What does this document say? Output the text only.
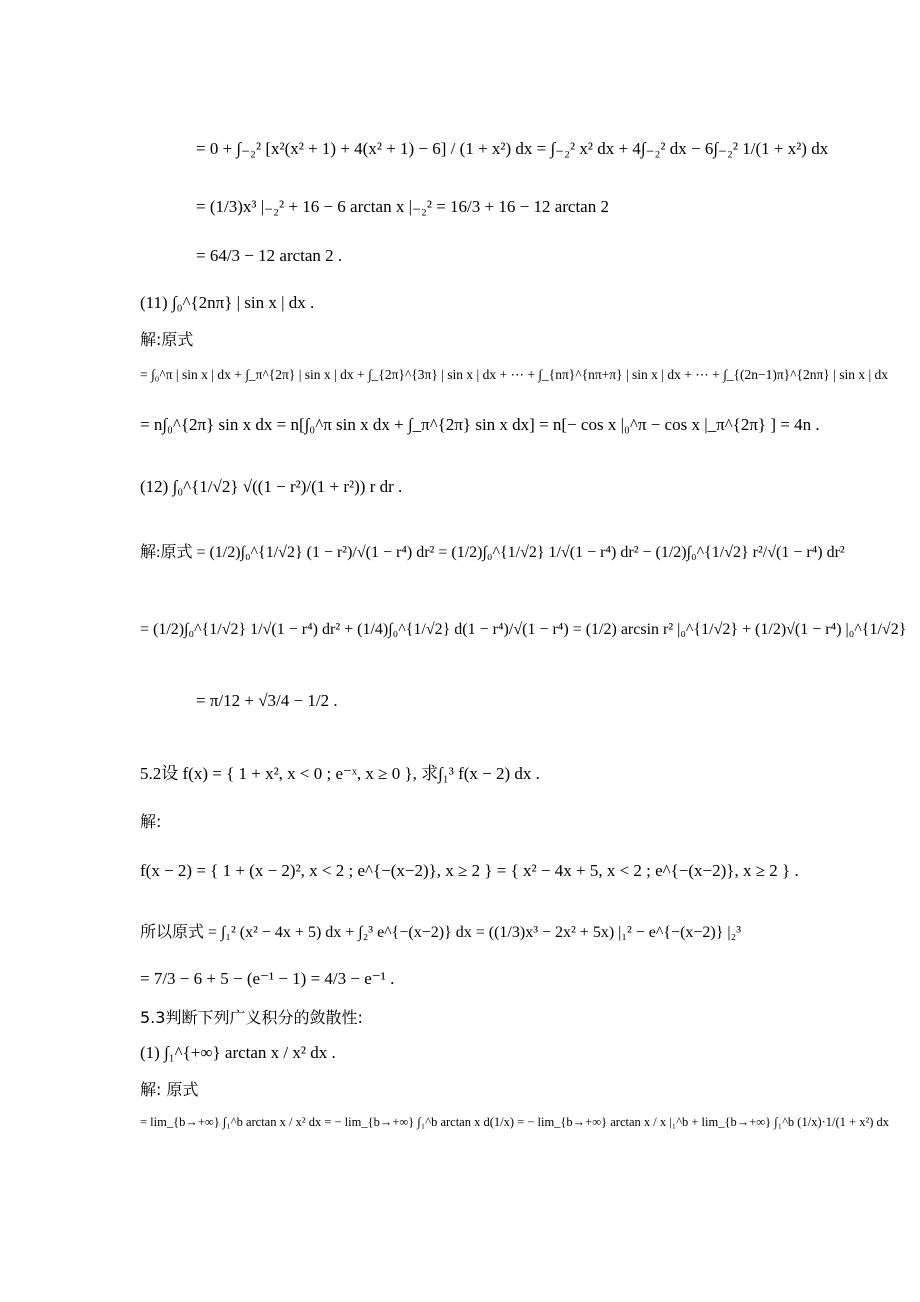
= 0 + ∫₋₂² [x²(x² + 1) + 4(x² + 1) − 6] / (1 + x²) dx = ∫₋₂² x² dx + 4∫₋₂² dx − 6∫₋₂² 1/(1 + x²) dx
= (1/3)x³ |₋₂² + 16 − 6 arctan x |₋₂² = 16/3 + 16 − 12 arctan 2
= 64/3 − 12 arctan 2 .
(11) ∫₀^{2nπ} | sin x | dx .
解:原式
= ∫₀^π | sin x | dx + ∫_π^{2π} | sin x | dx + ∫_{2π}^{3π} | sin x | dx + ⋯ + ∫_{nπ}^{nπ+π} | sin x | dx + ⋯ + ∫_{(2n−1)π}^{2nπ} | sin x | dx
= n∫₀^{2π} sin x dx = n[∫₀^π sin x dx + ∫_π^{2π} sin x dx] = n[− cos x |₀^π − cos x |_π^{2π} ] = 4n .
(12) ∫₀^{1/√2} √((1 − r²)/(1 + r²)) r dr .
解:原式 = (1/2)∫₀^{1/√2} (1 − r²)/√(1 − r⁴) dr² = (1/2)∫₀^{1/√2} 1/√(1 − r⁴) dr² − (1/2)∫₀^{1/√2} r²/√(1 − r⁴) dr²
= (1/2)∫₀^{1/√2} 1/√(1 − r⁴) dr² + (1/4)∫₀^{1/√2} d(1 − r⁴)/√(1 − r⁴) = (1/2) arcsin r² |₀^{1/√2} + (1/2)√(1 − r⁴) |₀^{1/√2}
= π/12 + √3/4 − 1/2 .
5.2设 f(x) = { 1 + x², x < 0 ; e⁻ˣ, x ≥ 0 }, 求∫₁³ f(x − 2) dx .
解:
f(x − 2) = { 1 + (x − 2)², x < 2 ; e^{−(x−2)}, x ≥ 2 } = { x² − 4x + 5, x < 2 ; e^{−(x−2)}, x ≥ 2 } .
所以原式 = ∫₁² (x² − 4x + 5) dx + ∫₂³ e^{−(x−2)} dx = ((1/3)x³ − 2x² + 5x) |₁² − e^{−(x−2)} |₂³
= 7/3 − 6 + 5 − (e⁻¹ − 1) = 4/3 − e⁻¹ .
5.3判断下列广义积分的敛散性:
(1) ∫₁^{+∞} arctan x / x² dx .
解: 原式
= lim_{b→+∞} ∫₁^b arctan x / x² dx = − lim_{b→+∞} ∫₁^b arctan x d(1/x) = − lim_{b→+∞} arctan x / x |₁^b + lim_{b→+∞} ∫₁^b (1/x)·1/(1 + x²) dx
